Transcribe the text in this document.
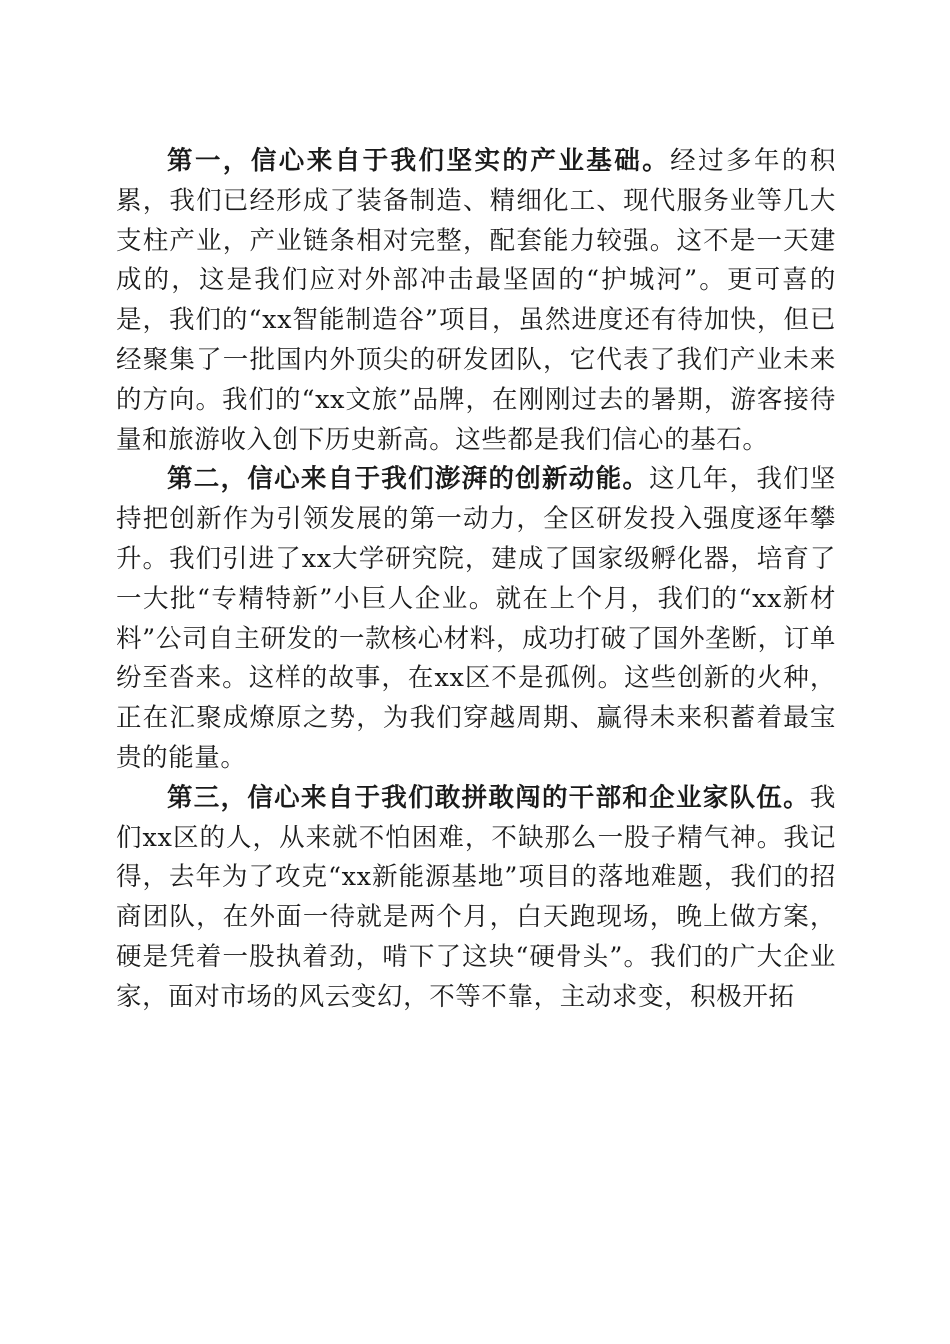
第一，信心来自于我们坚实的产业基础。经过多年的积累，我们已经形成了装备制造、精细化工、现代服务业等几大支柱产业，产业链条相对完整，配套能力较强。这不是一天建成的，这是我们应对外部冲击最坚固的“护城河”。更可喜的是，我们的“xx智能制造谷”项目，虽然进度还有待加快，但已经聚集了一批国内外顶尖的研发团队，它代表了我们产业未来的方向。我们的“xx文旅”品牌，在刚刚过去的暑期，游客接待量和旅游收入创下历史新高。这些都是我们信心的基石。

第二，信心来自于我们澎湃的创新动能。这几年，我们坚持把创新作为引领发展的第一动力，全区研发投入强度逐年攀升。我们引进了xx大学研究院，建成了国家级孵化器，培育了一大批“专精特新”小巨人企业。就在上个月，我们的“xx新材料”公司自主研发的一款核心材料，成功打破了国外垄断，订单纷至沓来。这样的故事，在xx区不是孤例。这些创新的火种，正在汇聚成燎原之势，为我们穿越周期、赢得未来积蓄着最宝贵的能量。

第三，信心来自于我们敢拼敢闯的干部和企业家队伍。我们xx区的人，从来就不怕困难，不缺那么一股子精气神。我记得，去年为了攻克“xx新能源基地”项目的落地难题，我们的招商团队，在外面一待就是两个月，白天跑现场，晚上做方案，硬是凭着一股执着劲，啃下了这块“硬骨头”。我们的广大企业家，面对市场的风云变幻，不等不靠，主动求变，积极开拓
